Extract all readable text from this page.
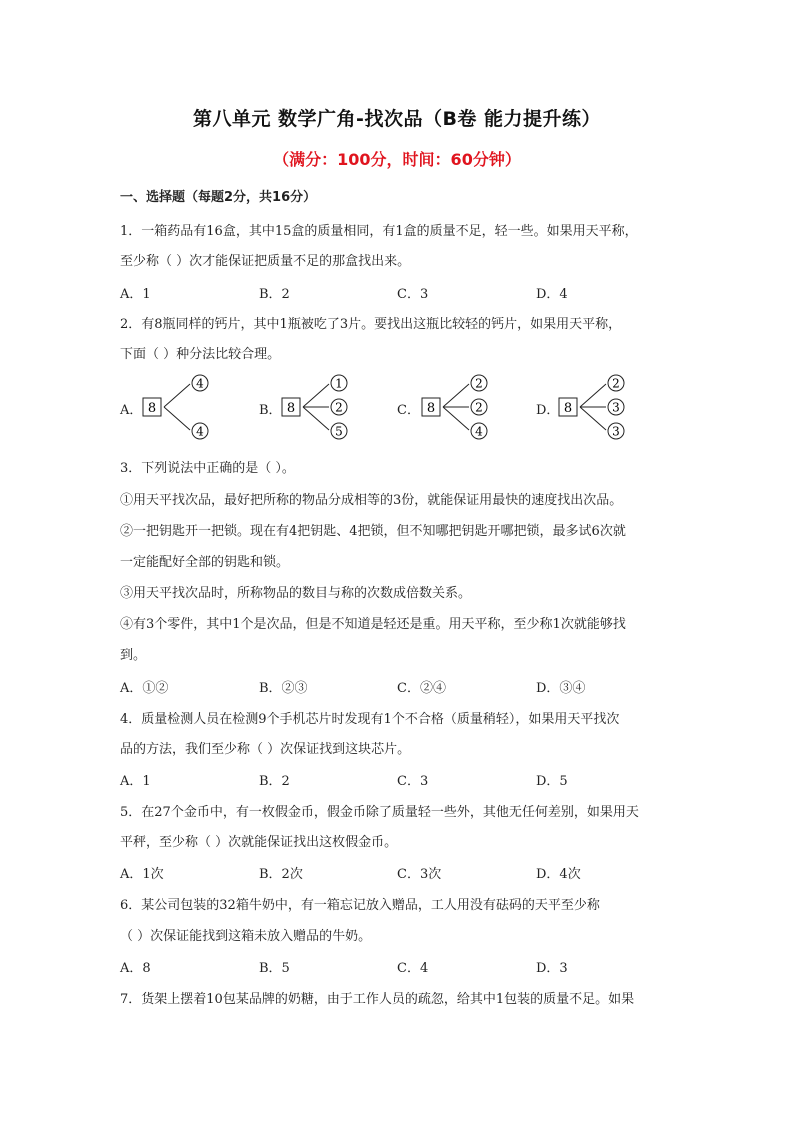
第八单元 数学广角-找次品（B卷 能力提升练）
（满分：100分，时间：60分钟）
一、选择题（每题2分，共16分）
1．一箱药品有16盒，其中15盒的质量相同，有1盒的质量不足，轻一些。如果用天平称，
至少称（ ）次才能保证把质量不足的那盒找出来。
A．1	B．2	C．3	D．4
2．有8瓶同样的钙片，其中1瓶被吃了3片。要找出这瓶比较轻的钙片，如果用天平称，
下面（ ）种分法比较合理。
A． 8
4
4
B． 8
1
2
5
C． 8
2
2
4
D． 8
2
3
3
3．下列说法中正确的是（ ）。
①用天平找次品，最好把所称的物品分成相等的3份，就能保证用最快的速度找出次品。
②一把钥匙开一把锁。现在有4把钥匙、4把锁，但不知哪把钥匙开哪把锁，最多试6次就
一定能配好全部的钥匙和锁。
③用天平找次品时，所称物品的数目与称的次数成倍数关系。
④有3个零件，其中1个是次品，但是不知道是轻还是重。用天平称，至少称1次就能够找
到。
A．①②	B．②③	C．②④	D．③④
4．质量检测人员在检测9个手机芯片时发现有1个不合格（质量稍轻），如果用天平找次
品的方法，我们至少称（ ）次保证找到这块芯片。
A．1	B．2	C．3	D．5
5．在27个金币中，有一枚假金币，假金币除了质量轻一些外，其他无任何差别，如果用天
平秤，至少称（ ）次就能保证找出这枚假金币。
A．1次	B．2次	C．3次	D．4次
6．某公司包装的32箱牛奶中，有一箱忘记放入赠品，工人用没有砝码的天平至少称
（ ）次保证能找到这箱未放入赠品的牛奶。
A．8	B．5	C．4	D．3
7．货架上摆着10包某品牌的奶糖，由于工作人员的疏忽，给其中1包装的质量不足。如果
